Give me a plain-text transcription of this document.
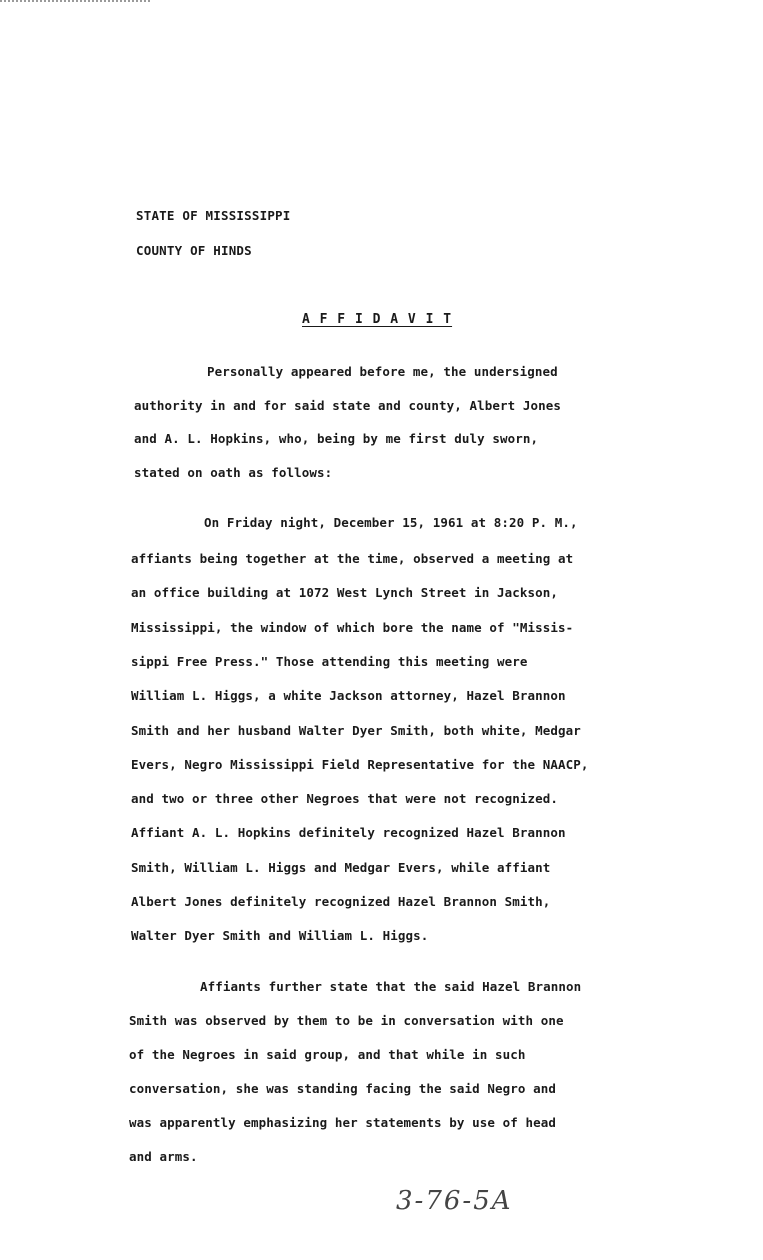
STATE OF MISSISSIPPI
COUNTY OF HINDS
A F F I D A V I T
Personally appeared before me, the undersigned
authority in and for said state and county, Albert Jones
and A. L. Hopkins, who, being by me first duly sworn,
stated on oath as follows:
On Friday night, December 15, 1961 at 8:20 P. M.,
affiants being together at the time, observed a meeting at
an office building at 1072 West Lynch Street in Jackson,
Mississippi, the window of which bore the name of "Missis-
sippi Free Press." Those attending this meeting were
William L. Higgs, a white Jackson attorney, Hazel Brannon
Smith and her husband Walter Dyer Smith, both white, Medgar
Evers, Negro Mississippi Field Representative for the NAACP,
and two or three other Negroes that were not recognized.
Affiant A. L. Hopkins definitely recognized Hazel Brannon
Smith, William L. Higgs and Medgar Evers, while affiant
Albert Jones definitely recognized Hazel Brannon Smith,
Walter Dyer Smith and William L. Higgs.
Affiants further state that the said Hazel Brannon
Smith was observed by them to be in conversation with one
of the Negroes in said group, and that while in such
conversation, she was standing facing the said Negro and
was apparently emphasizing her statements by use of head
and arms.
3-76-5A
